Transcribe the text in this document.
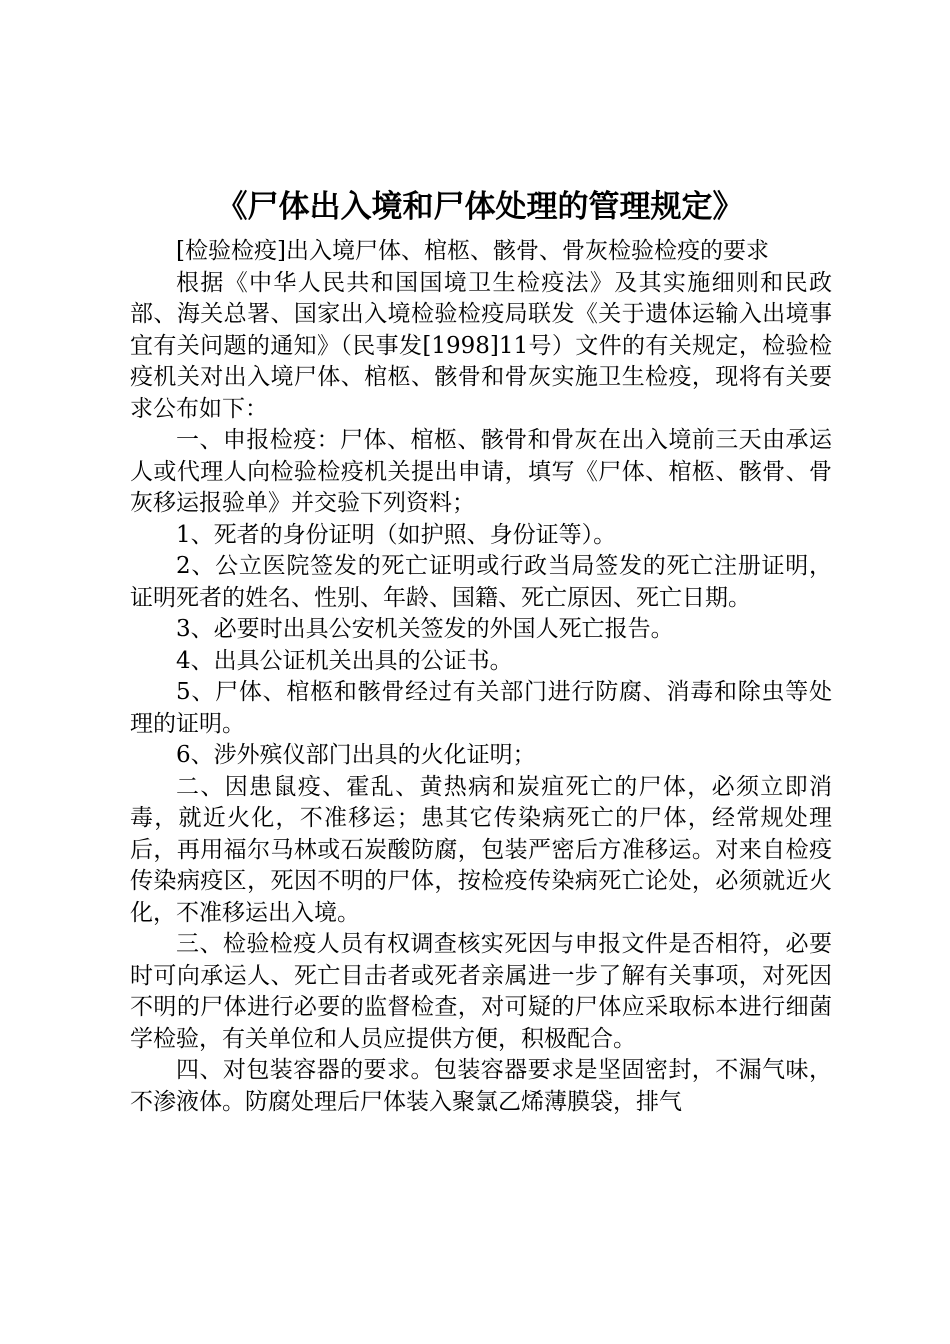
《尸体出入境和尸体处理的管理规定》

[检验检疫]出入境尸体、棺柩、骸骨、骨灰检验检疫的要求

根据《中华人民共和国国境卫生检疫法》及其实施细则和民政部、海关总署、国家出入境检验检疫局联发《关于遗体运输入出境事宜有关问题的通知》（民事发[1998]11号）文件的有关规定，检验检疫机关对出入境尸体、棺柩、骸骨和骨灰实施卫生检疫，现将有关要求公布如下：

一、申报检疫：尸体、棺柩、骸骨和骨灰在出入境前三天由承运人或代理人向检验检疫机关提出申请，填写《尸体、棺柩、骸骨、骨灰移运报验单》并交验下列资料；

1、死者的身份证明（如护照、身份证等）。

2、公立医院签发的死亡证明或行政当局签发的死亡注册证明，证明死者的姓名、性别、年龄、国籍、死亡原因、死亡日期。

3、必要时出具公安机关签发的外国人死亡报告。

4、出具公证机关出具的公证书。

5、尸体、棺柩和骸骨经过有关部门进行防腐、消毒和除虫等处理的证明。

6、涉外殡仪部门出具的火化证明；

二、因患鼠疫、霍乱、黄热病和炭疽死亡的尸体，必须立即消毒，就近火化，不准移运；患其它传染病死亡的尸体，经常规处理后，再用福尔马林或石炭酸防腐，包装严密后方准移运。对来自检疫传染病疫区，死因不明的尸体，按检疫传染病死亡论处，必须就近火化，不准移运出入境。

三、检验检疫人员有权调查核实死因与申报文件是否相符，必要时可向承运人、死亡目击者或死者亲属进一步了解有关事项，对死因不明的尸体进行必要的监督检查，对可疑的尸体应采取标本进行细菌学检验，有关单位和人员应提供方便，积极配合。

四、对包装容器的要求。包装容器要求是坚固密封，不漏气味，不渗液体。防腐处理后尸体装入聚氯乙烯薄膜袋，排气
